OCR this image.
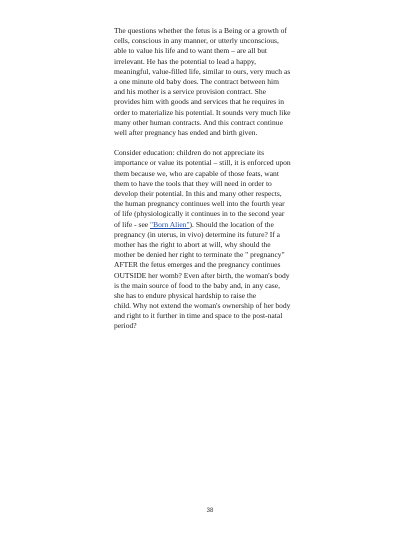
The questions whether the fetus is a Being or a growth of
cells, conscious in any manner, or utterly unconscious,
able to value his life and to want them – are all but
irrelevant. He has the potential to lead a happy,
meaningful, value-filled life, similar to ours, very much as
a one minute old baby does. The contract between him
and his mother is a service provision contract. She
provides him with goods and services that he requires in
order to materialize his potential. It sounds very much like
many other human contracts. And this contract continue
well after pregnancy has ended and birth given.

Consider education: children do not appreciate its
importance or value its potential – still, it is enforced upon
them because we, who are capable of those feats, want
them to have the tools that they will need in order to
develop their potential. In this and many other respects,
the human pregnancy continues well into the fourth year
of life (physiologically it continues in to the second year
of life - see "Born Alien"). Should the location of the
pregnancy (in uterus, in vivo) determine its future? If a
mother has the right to abort at will, why should the
mother be denied her right to terminate the " pregnancy"
AFTER the fetus emerges and the pregnancy continues
OUTSIDE her womb? Even after birth, the woman's body
is the main source of food to the baby and, in any case,
she has to endure physical hardship to raise the
child. Why not extend the woman's ownership of her body
and right to it further in time and space to the post-natal
period?

38
